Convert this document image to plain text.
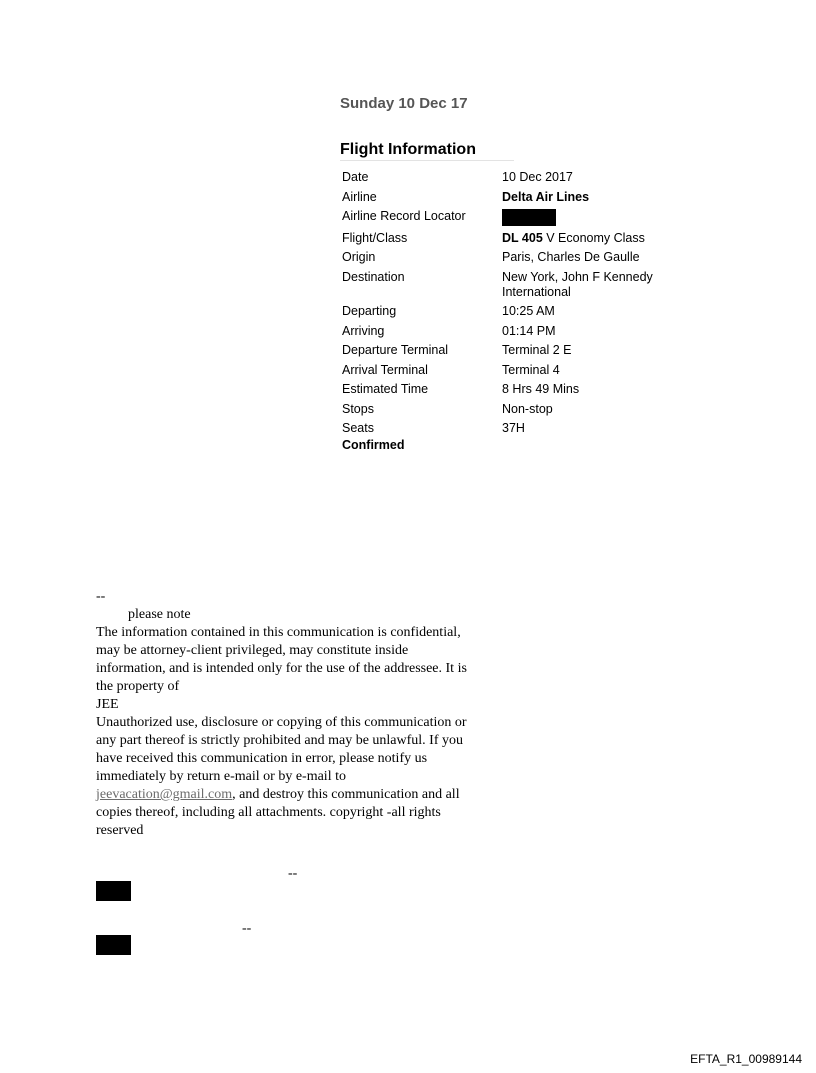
Sunday 10 Dec 17
Flight Information
Date	10 Dec 2017
Airline	Delta Air Lines
Airline Record Locator
Flight/Class	DL 405 V Economy Class
Origin	Paris, Charles De Gaulle
Destination	New York, John F Kennedy International
Departing	10:25 AM
Arriving	01:14 PM
Departure Terminal	Terminal 2 E
Arrival Terminal	Terminal 4
Estimated Time	8 Hrs 49 Mins
Stops	Non-stop
Seats	37H
Confirmed
--
please note
The information contained in this communication is confidential, may be attorney-client privileged, may constitute inside information, and is intended only for the use of the addressee. It is the property of
JEE
Unauthorized use, disclosure or copying of this communication or any part thereof is strictly prohibited and may be unlawful. If you have received this communication in error, please notify us immediately by return e-mail or by e-mail to jeevacation@gmail.com, and destroy this communication and all copies thereof, including all attachments. copyright -all rights reserved
--
--
EFTA_R1_00989144
